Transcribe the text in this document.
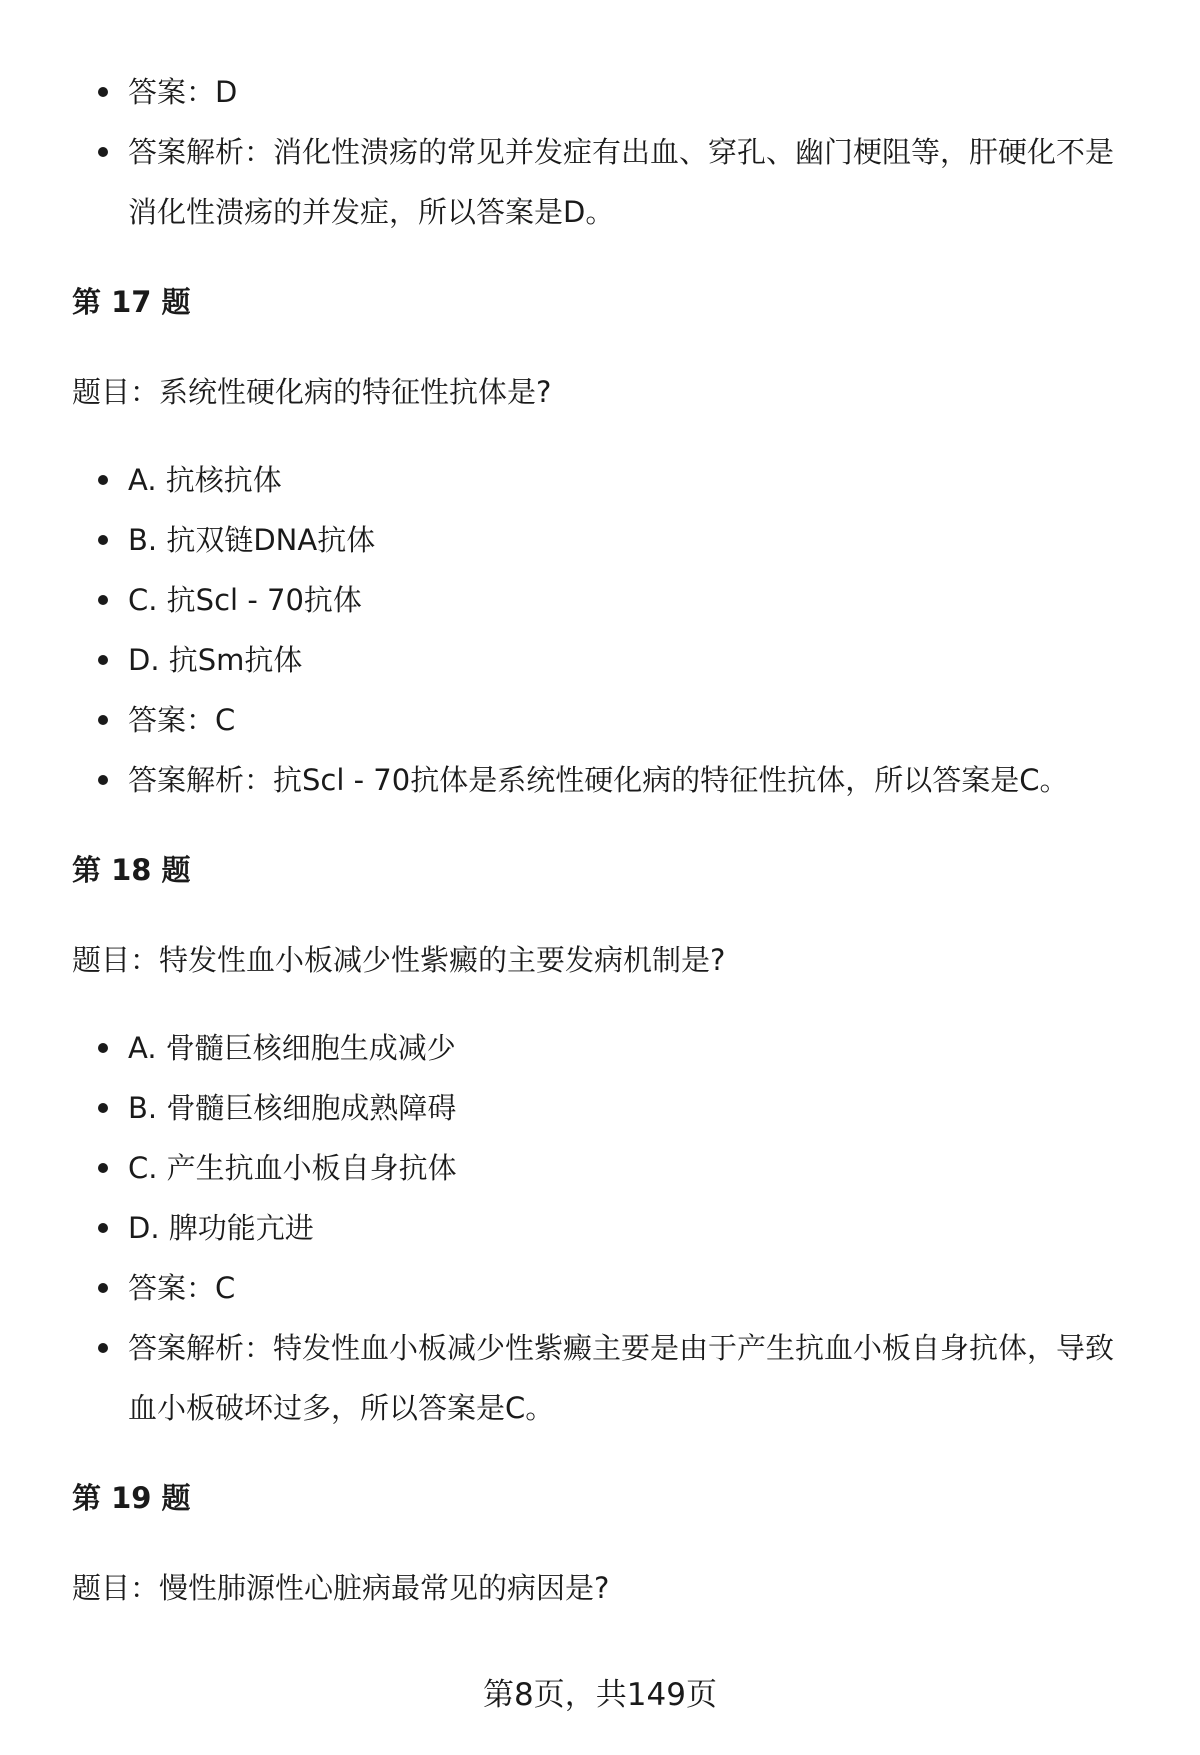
答案：D
答案解析：消化性溃疡的常见并发症有出血、穿孔、幽门梗阻等，肝硬化不是消化性溃疡的并发症，所以答案是D。
第 17 题
题目：系统性硬化病的特征性抗体是?
A. 抗核抗体
B. 抗双链DNA抗体
C. 抗Scl - 70抗体
D. 抗Sm抗体
答案：C
答案解析：抗Scl - 70抗体是系统性硬化病的特征性抗体，所以答案是C。
第 18 题
题目：特发性血小板减少性紫癜的主要发病机制是?
A. 骨髓巨核细胞生成减少
B. 骨髓巨核细胞成熟障碍
C. 产生抗血小板自身抗体
D. 脾功能亢进
答案：C
答案解析：特发性血小板减少性紫癜主要是由于产生抗血小板自身抗体，导致血小板破坏过多，所以答案是C。
第 19 题
题目：慢性肺源性心脏病最常见的病因是?
第8页，共149页
